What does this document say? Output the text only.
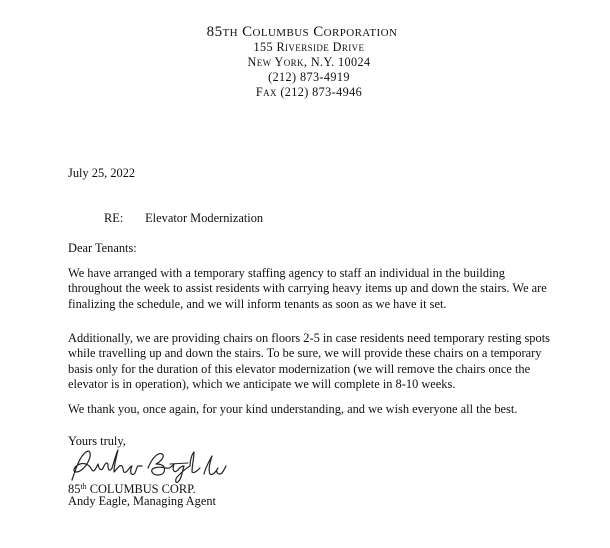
85th Columbus Corporation
155 Riverside Drive
New York, N.Y. 10024
(212) 873-4919
Fax (212) 873-4946
July 25, 2022
RE: Elevator Modernization
Dear Tenants:
We have arranged with a temporary staffing agency to staff an individual in the building throughout the week to assist residents with carrying heavy items up and down the stairs. We are finalizing the schedule, and we will inform tenants as soon as we have it set.
Additionally, we are providing chairs on floors 2-5 in case residents need temporary resting spots while travelling up and down the stairs. To be sure, we will provide these chairs on a temporary basis only for the duration of this elevator modernization (we will remove the chairs once the elevator is in operation), which we anticipate we will complete in 8-10 weeks.
We thank you, once again, for your kind understanding, and we wish everyone all the best.
Yours truly,
85th COLUMBUS CORP.
Andy Eagle, Managing Agent
